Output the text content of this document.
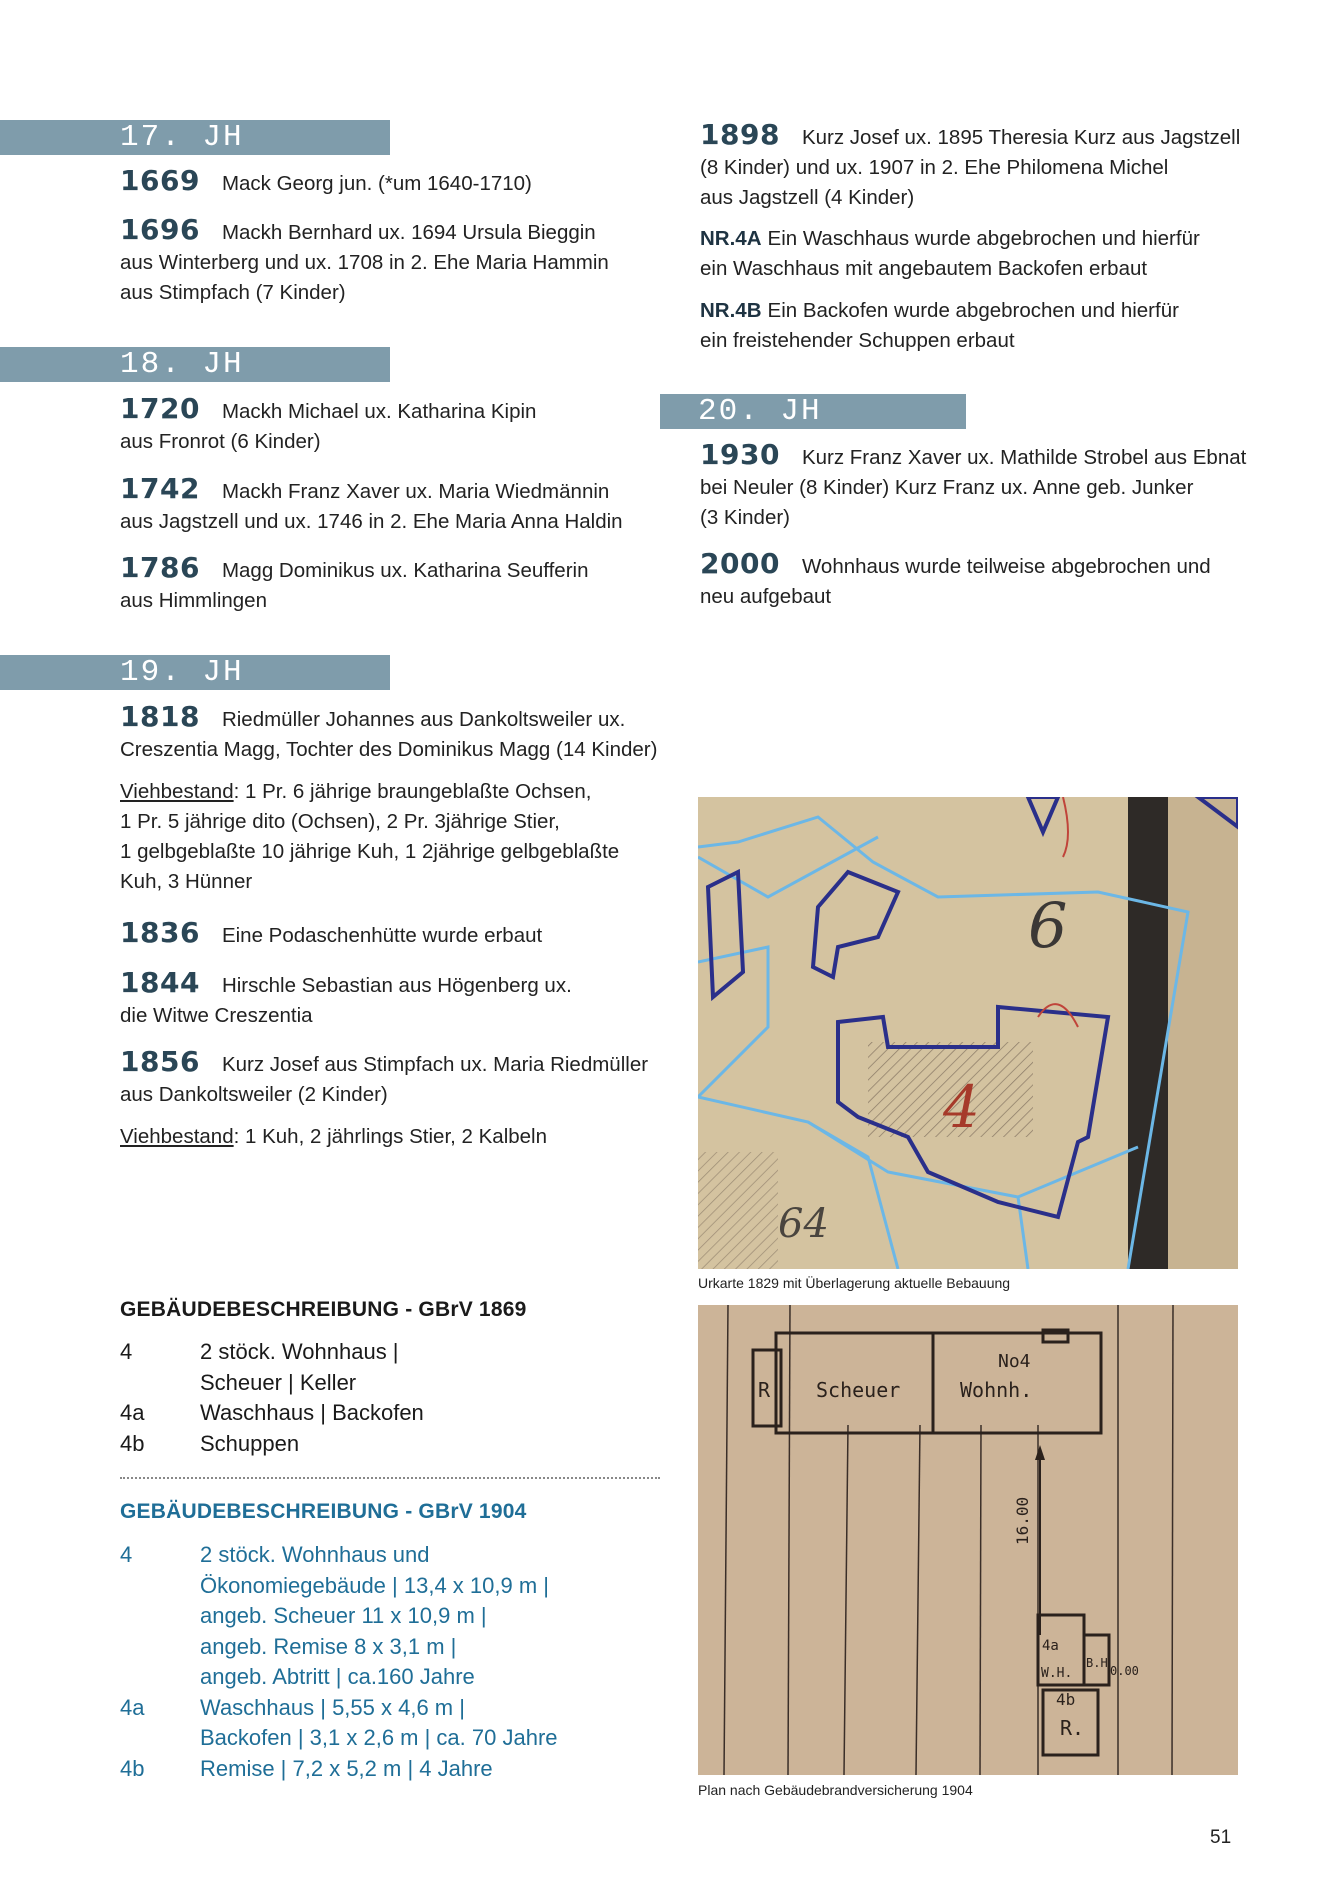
17. JH
1669 Mack Georg jun. (*um 1640-1710)
1696 Mackh Bernhard ux. 1694 Ursula Bieggin
aus Winterberg und ux. 1708 in 2. Ehe Maria Hammin
aus Stimpfach (7 Kinder)
18. JH
1720 Mackh Michael ux. Katharina Kipin
aus Fronrot (6 Kinder)
1742 Mackh Franz Xaver ux. Maria Wiedmännin
aus Jagstzell und ux. 1746 in 2. Ehe Maria Anna Haldin
1786 Magg Dominikus ux. Katharina Seufferin
aus Himmlingen
19. JH
1818 Riedmüller Johannes aus Dankoltsweiler ux.
Creszentia Magg, Tochter des Dominikus Magg (14 Kinder)
Viehbestand: 1 Pr. 6 jährige braungeblaßte Ochsen,
1 Pr. 5 jährige dito (Ochsen), 2 Pr. 3jährige Stier,
1 gelbgeblaßte 10 jährige Kuh, 1 2jährige gelbgeblaßte
Kuh, 3 Hünner
1836 Eine Podaschenhütte wurde erbaut
1844 Hirschle Sebastian aus Högenberg ux.
die Witwe Creszentia
1856 Kurz Josef aus Stimpfach ux. Maria Riedmüller
aus Dankoltsweiler (2 Kinder)
Viehbestand: 1 Kuh, 2 jährlings Stier, 2 Kalbeln
1898 Kurz Josef ux. 1895 Theresia Kurz aus Jagstzell
(8 Kinder) und ux. 1907 in 2. Ehe Philomena Michel
aus Jagstzell (4 Kinder)
NR.4A Ein Waschhaus wurde abgebrochen und hierfür
ein Waschhaus mit angebautem Backofen erbaut
NR.4B Ein Backofen wurde abgebrochen und hierfür
ein freistehender Schuppen erbaut
20. JH
1930 Kurz Franz Xaver ux. Mathilde Strobel aus Ebnat
bei Neuler (8 Kinder) Kurz Franz ux. Anne geb. Junker
(3 Kinder)
2000 Wohnhaus wurde teilweise abgebrochen und
neu aufgebaut
6
4
64
Urkarte 1829 mit Überlagerung aktuelle Bebauung
GEBÄUDEBESCHREIBUNG - GBrV 1869
4	2 stöck. Wohnhaus |
Scheuer | Keller
4a	Waschhaus | Backofen
4b	Schuppen
GEBÄUDEBESCHREIBUNG - GBrV 1904
4	2 stöck. Wohnhaus und
Ökonomiegebäude | 13,4 x 10,9 m |
angeb. Scheuer 11 x 10,9 m |
angeb. Remise 8 x 3,1 m |
angeb. Abtritt | ca.160 Jahre
4a	Waschhaus | 5,55 x 4,6 m |
Backofen | 3,1 x 2,6 m | ca. 70 Jahre
4b	Remise | 7,2 x 5,2 m | 4 Jahre
R. Scheuer	Wohnh.
No4
16.00
4a
W.H.
B.H
0.00
4b
R.
Plan nach Gebäudebrandversicherung 1904
51
